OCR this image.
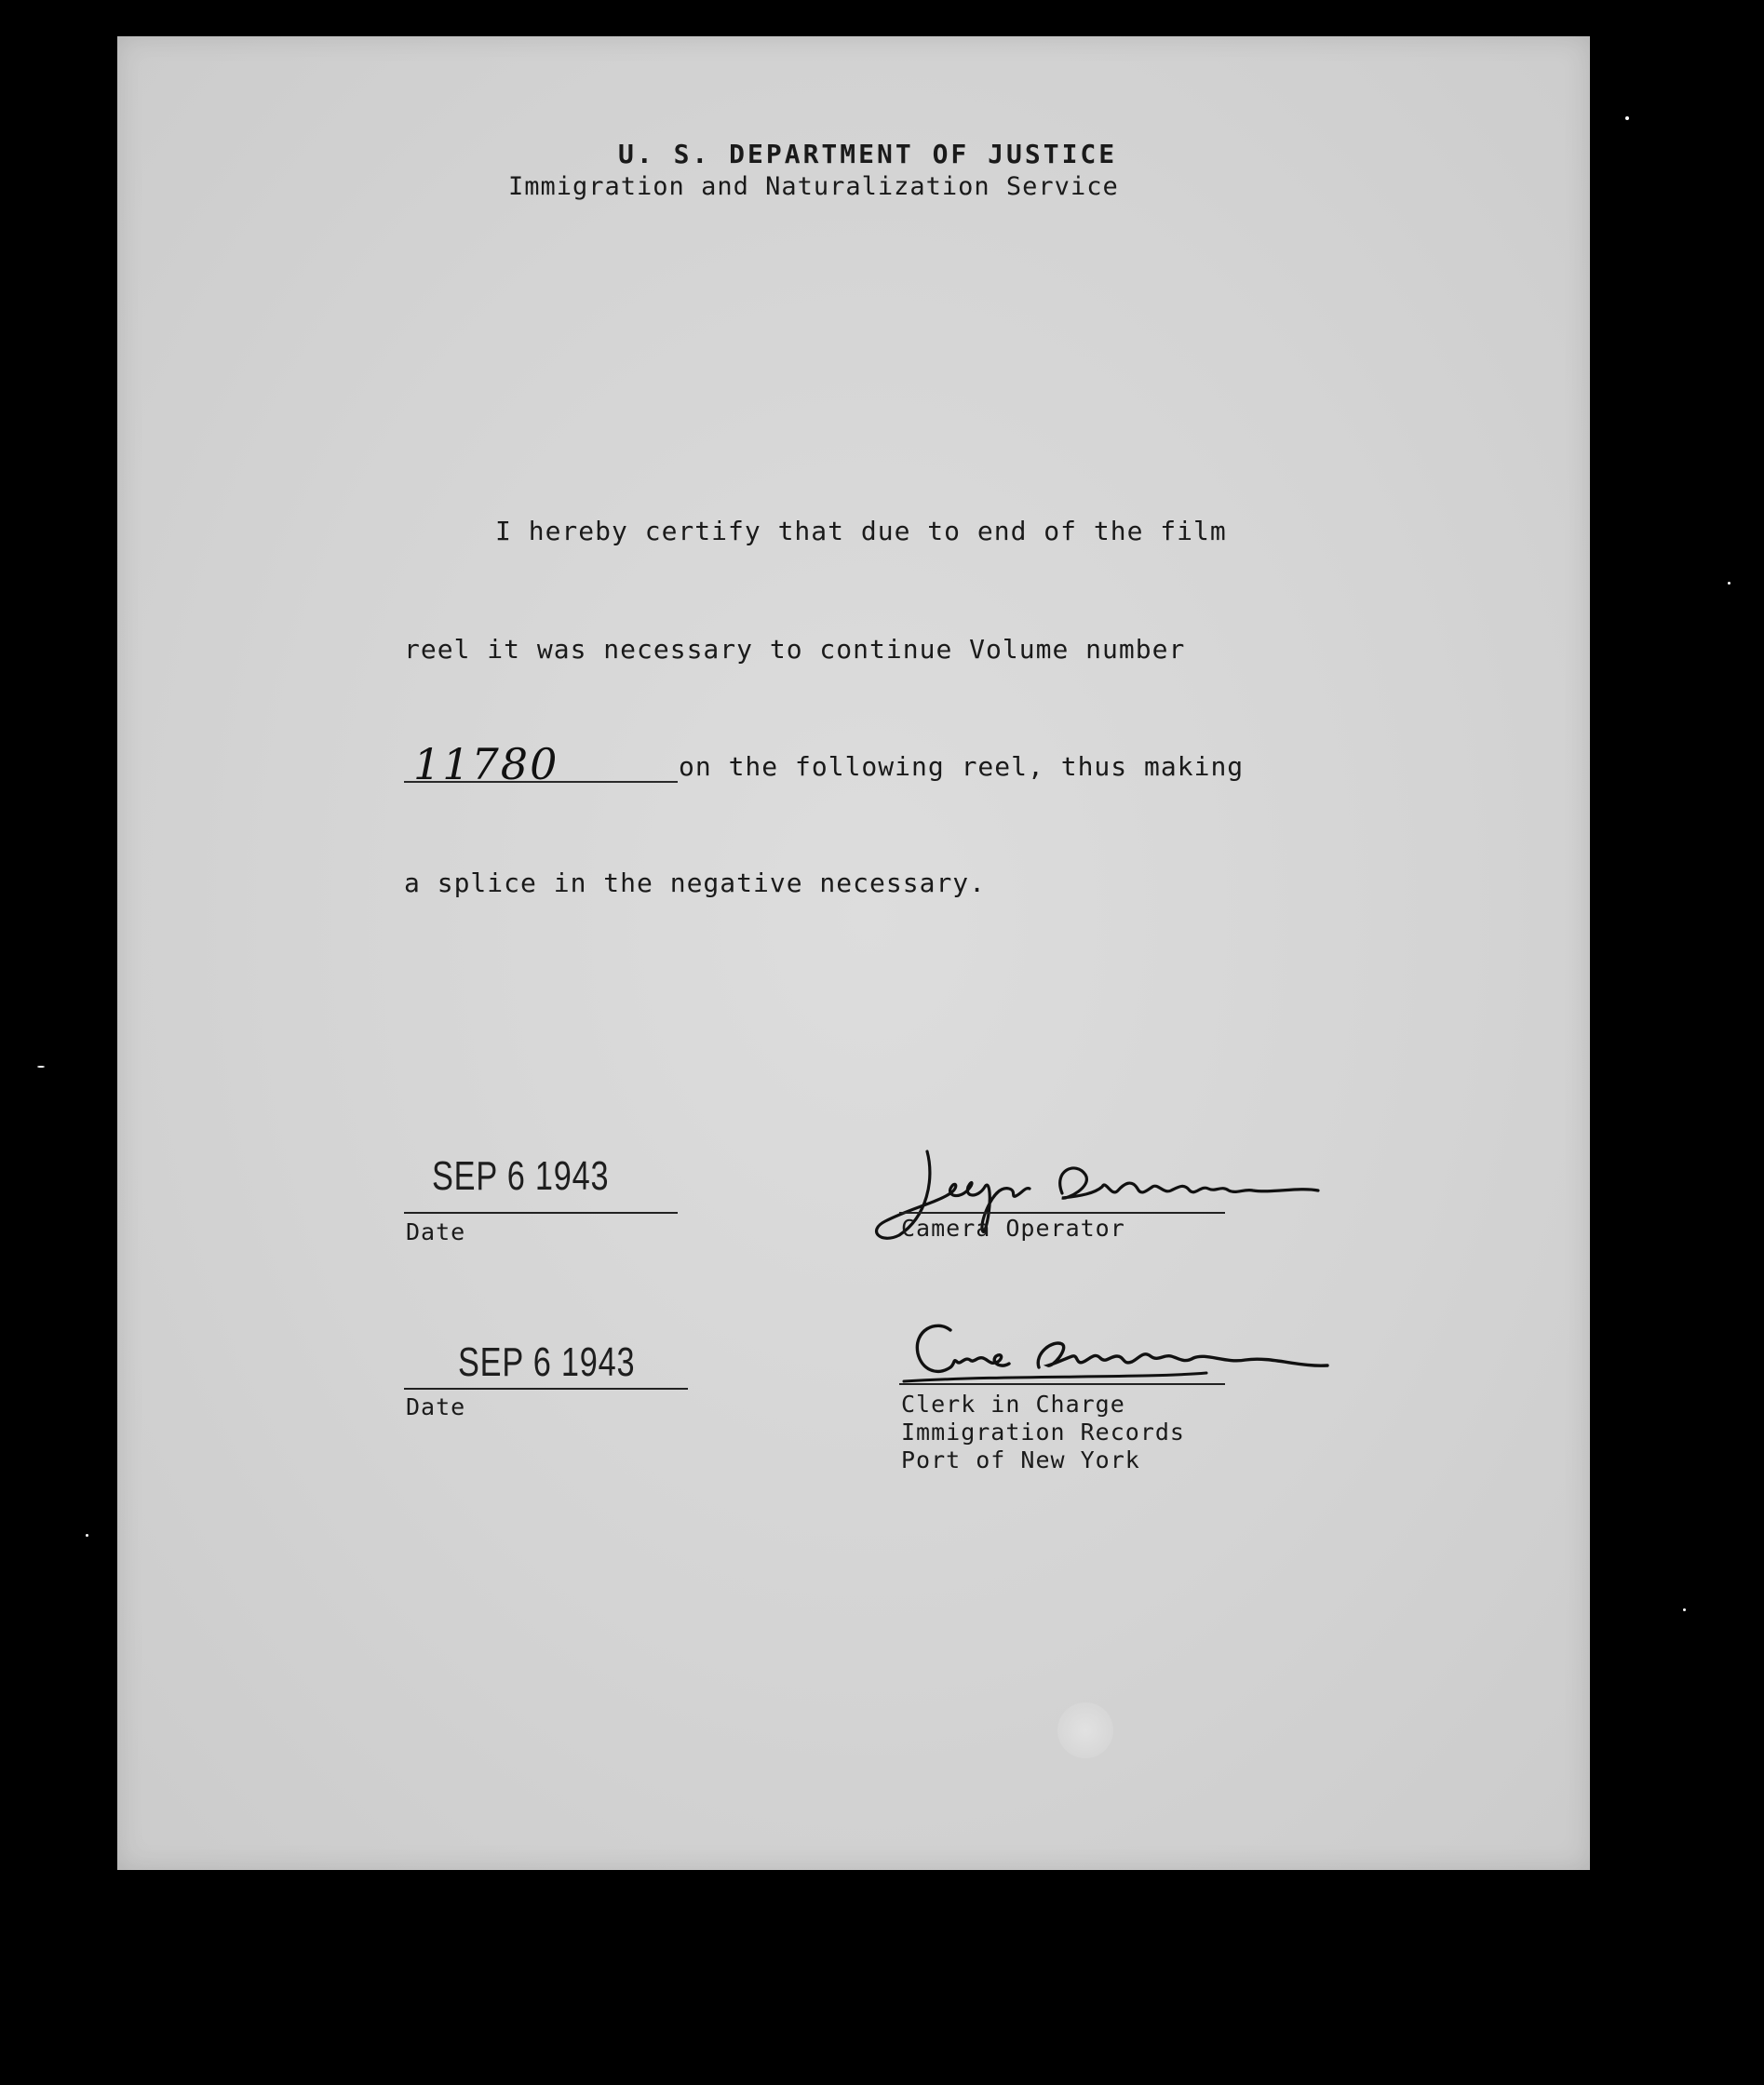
U. S. DEPARTMENT OF JUSTICE
Immigration and Naturalization Service
I hereby certify that due to end of the film
reel it was necessary to continue Volume number
11780	on the following reel, thus making
a splice in the negative necessary.
SEP 6 1943
Date	Camera Operator
SEP 6 1943
Date	Clerk in Charge
Immigration Records
Port of New York
